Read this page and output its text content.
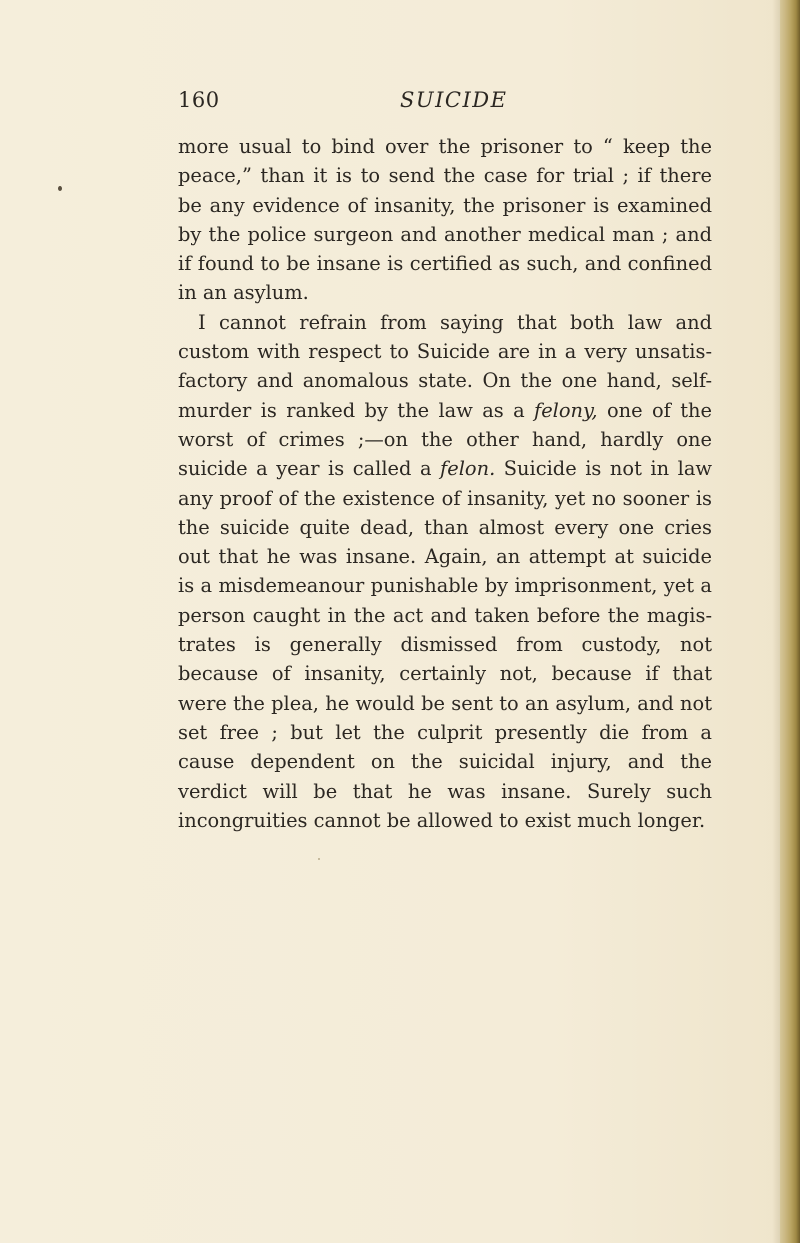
160	SUICIDE

more usual to bind over the prisoner to “ keep the peace,” than it is to send the case for trial ; if there be any evidence of insanity, the prisoner is examined by the police surgeon and another medical man ; and if found to be insane is certified as such, and confined in an asylum.

I cannot refrain from saying that both law and custom with respect to Suicide are in a very unsatisfactory and anomalous state. On the one hand, self-murder is ranked by the law as a felony, one of the worst of crimes ;—on the other hand, hardly one suicide a year is called a felon. Suicide is not in law any proof of the existence of insanity, yet no sooner is the suicide quite dead, than almost every one cries out that he was insane. Again, an attempt at suicide is a misdemeanour punishable by imprisonment, yet a person caught in the act and taken before the magistrates is generally dismissed from custody, not because of insanity, certainly not, because if that were the plea, he would be sent to an asylum, and not set free ; but let the culprit presently die from a cause dependent on the suicidal injury, and the verdict will be that he was insane. Surely such incongruities cannot be allowed to exist much longer.
